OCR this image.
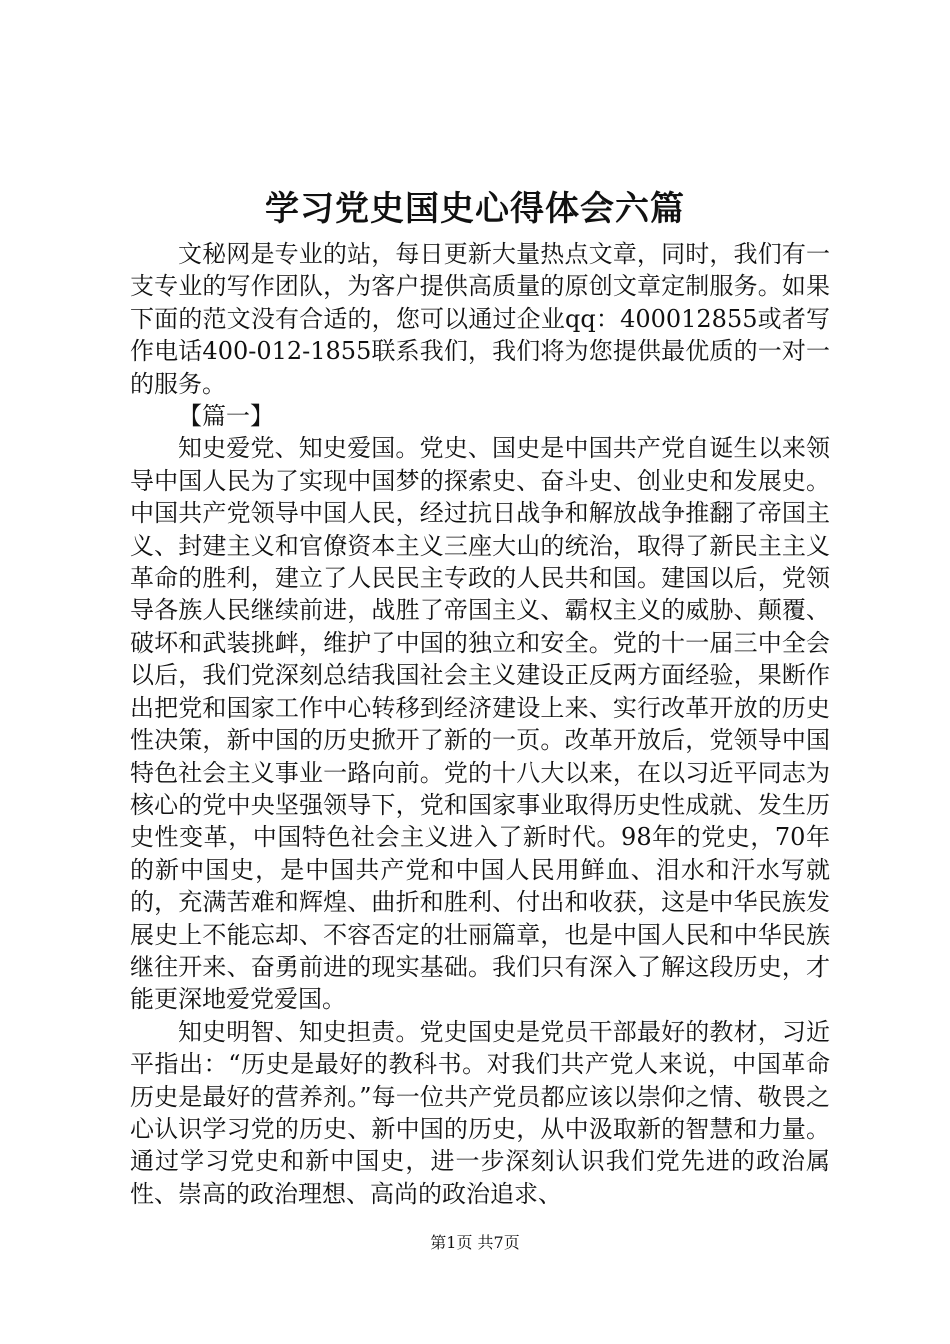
学习党史国史心得体会六篇

文秘网是专业的站，每日更新大量热点文章，同时，我们有一支专业的写作团队，为客户提供高质量的原创文章定制服务。如果下面的范文没有合适的，您可以通过企业qq：400012855或者写作电话400-012-1855联系我们，我们将为您提供最优质的一对一的服务。

【篇一】

知史爱党、知史爱国。党史、国史是中国共产党自诞生以来领导中国人民为了实现中国梦的探索史、奋斗史、创业史和发展史。中国共产党领导中国人民，经过抗日战争和解放战争推翻了帝国主义、封建主义和官僚资本主义三座大山的统治，取得了新民主主义革命的胜利，建立了人民民主专政的人民共和国。建国以后，党领导各族人民继续前进，战胜了帝国主义、霸权主义的威胁、颠覆、破坏和武装挑衅，维护了中国的独立和安全。党的十一届三中全会以后，我们党深刻总结我国社会主义建设正反两方面经验，果断作出把党和国家工作中心转移到经济建设上来、实行改革开放的历史性决策，新中国的历史掀开了新的一页。改革开放后，党领导中国特色社会主义事业一路向前。党的十八大以来，在以习近平同志为核心的党中央坚强领导下，党和国家事业取得历史性成就、发生历史性变革，中国特色社会主义进入了新时代。98年的党史，70年的新中国史，是中国共产党和中国人民用鲜血、泪水和汗水写就的，充满苦难和辉煌、曲折和胜利、付出和收获，这是中华民族发展史上不能忘却、不容否定的壮丽篇章，也是中国人民和中华民族继往开来、奋勇前进的现实基础。我们只有深入了解这段历史，才能更深地爱党爱国。

知史明智、知史担责。党史国史是党员干部最好的教材，习近平指出：“历史是最好的教科书。对我们共产党人来说，中国革命历史是最好的营养剂。”每一位共产党员都应该以崇仰之情、敬畏之心认识学习党的历史、新中国的历史，从中汲取新的智慧和力量。通过学习党史和新中国史，进一步深刻认识我们党先进的政治属性、崇高的政治理想、高尚的政治追求、

第1页 共7页
